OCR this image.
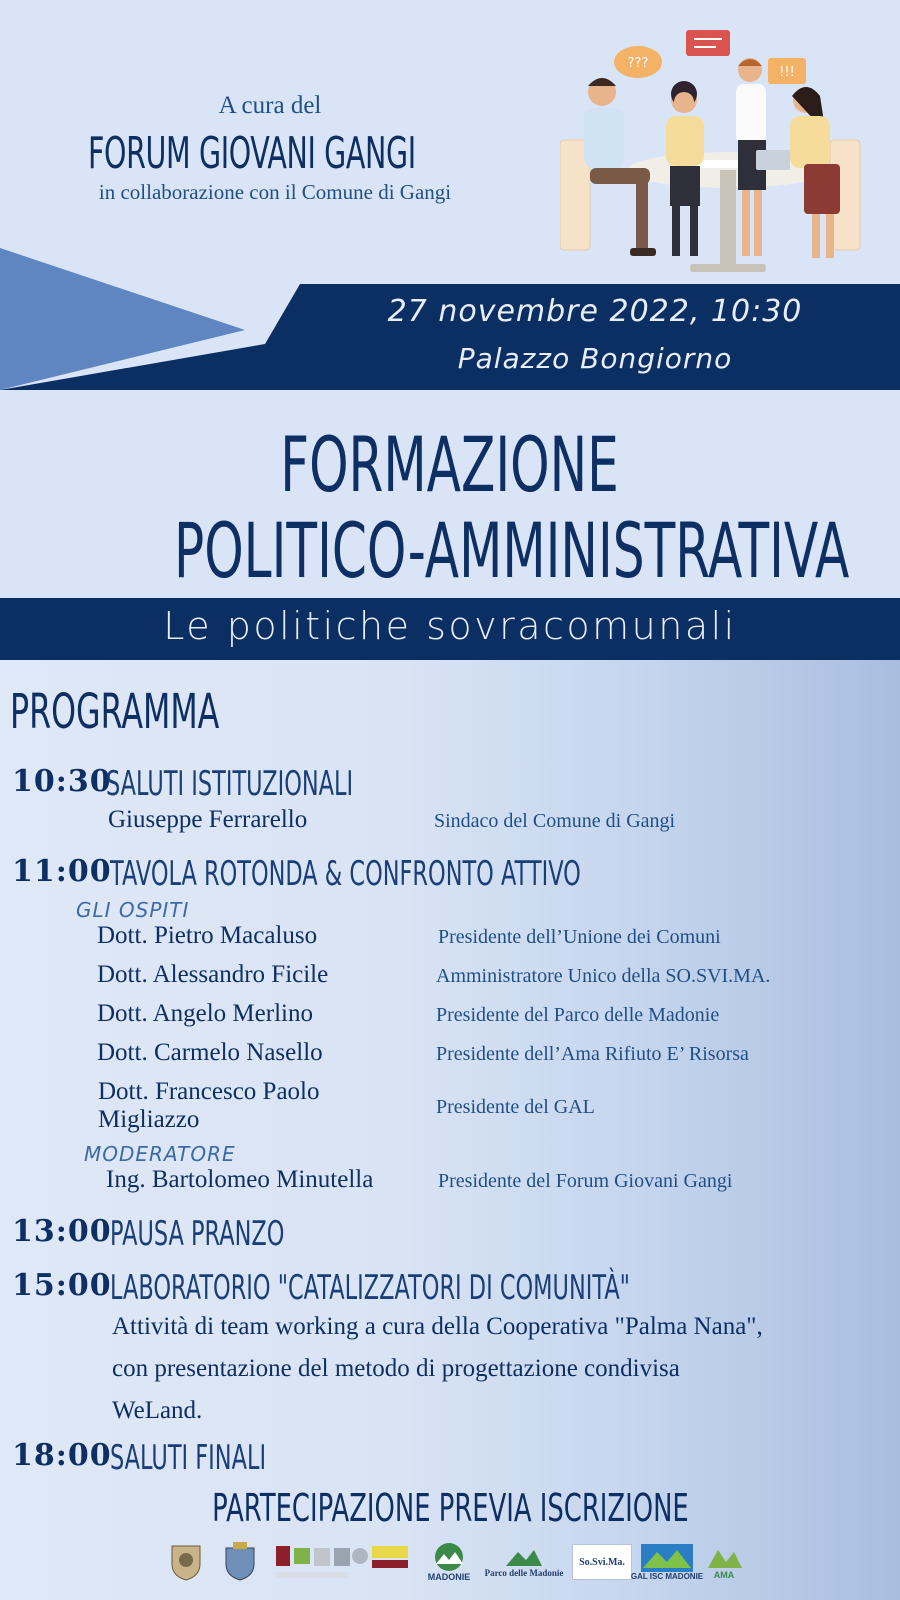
A cura del
FORUM GIOVANI GANGI
in collaborazione con il Comune di Gangi
???
!!!
27 novembre 2022, 10:30
Palazzo Bongiorno
FORMAZIONE
POLITICO-AMMINISTRATIVA
Le politiche sovracomunali
PROGRAMMA
10:30
SALUTI ISTITUZIONALI
Giuseppe Ferrarello	Sindaco del Comune di Gangi
11:00
TAVOLA ROTONDA & CONFRONTO ATTIVO
GLI OSPITI
Dott. Pietro Macaluso	Presidente dell’Unione dei Comuni
Dott. Alessandro Ficile	Amministratore Unico della SO.SVI.MA.
Dott. Angelo Merlino	Presidente del Parco delle Madonie
Dott. Carmelo Nasello	Presidente dell’Ama Rifiuto E’ Risorsa
Dott. Francesco Paolo
Migliazzo	Presidente del GAL
MODERATORE
Ing. Bartolomeo Minutella	Presidente del Forum Giovani Gangi
13:00
PAUSA PRANZO
15:00
LABORATORIO "CATALIZZATORI DI COMUNITÀ"
Attività di team working a cura della Cooperativa "Palma Nana",
con presentazione del metodo di progettazione condivisa
WeLand.
18:00
SALUTI FINALI
PARTECIPAZIONE PREVIA ISCRIZIONE
MADONIE Parco delle Madonie
So.Svi.Ma.
GAL ISC MADONIE AMA
